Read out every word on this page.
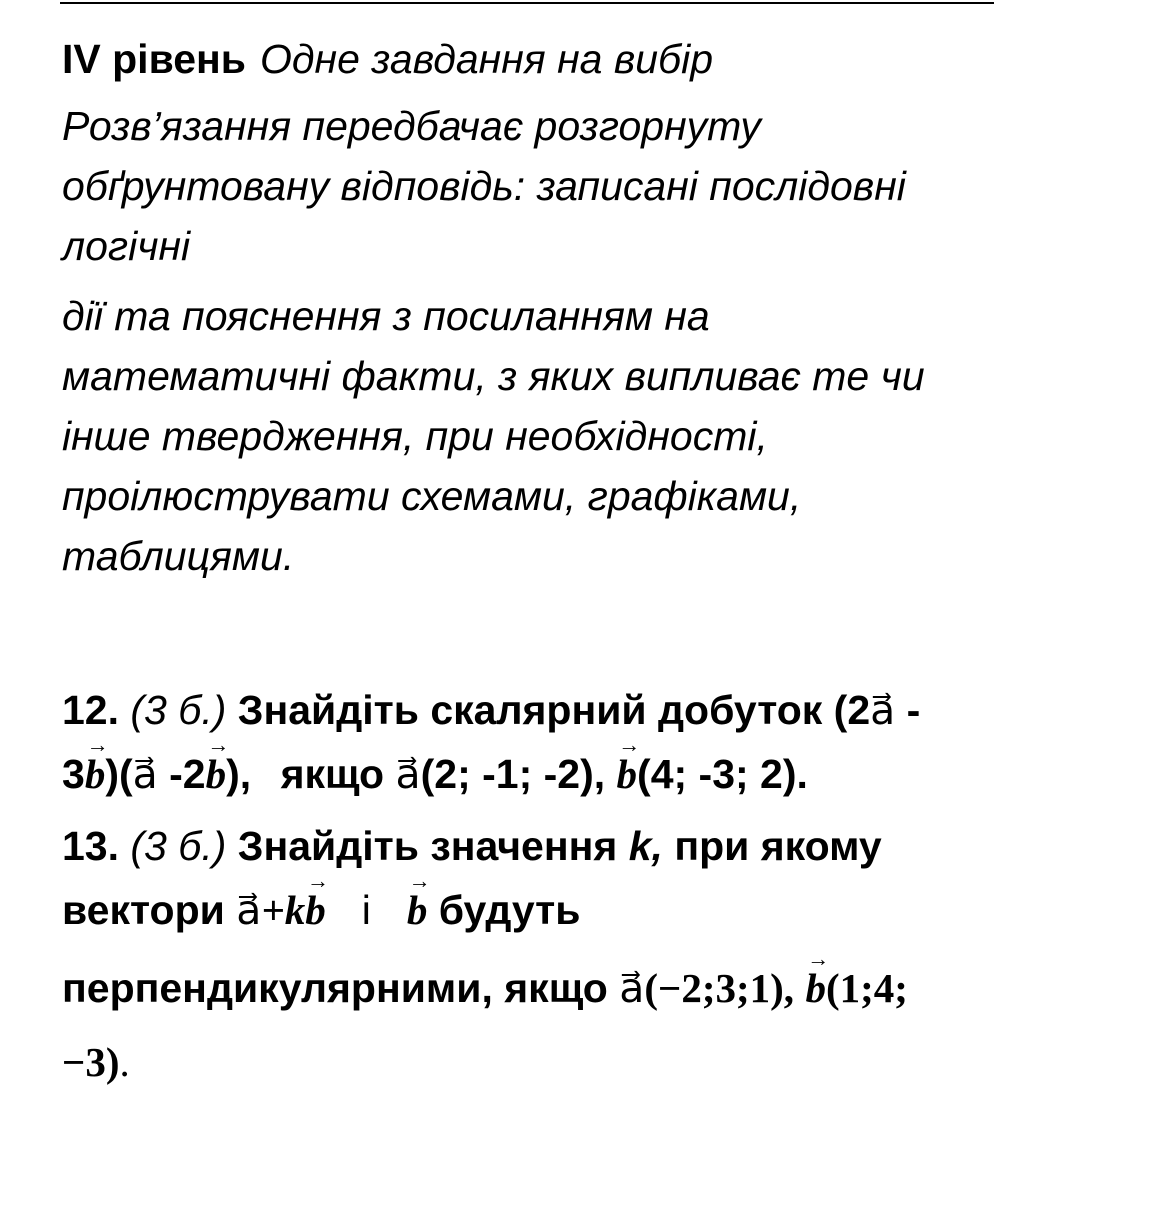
IV рівень Одне завдання на вибір

Розв’язання передбачає розгорнуту
обґрунтовану відповідь: записані послідовні
логічні

дії та пояснення з посиланням на
математичні факти, з яких випливає те чи
інше твердження, при необхідності,
проілюструвати схемами, графіками,
таблицями.

12. (3 б.) Знайдіть скалярний добуток (2a⃗ -
3
→
b)(a⃗ -2
→
b), якщо a⃗(2; -1; -2),
→
b(4; -3; 2).

13. (3 б.) Знайдіть значення k, при якому
вектори a⃗+k
→
b і
→
b будуть
перпендикулярними, якщо a⃗(−2;3;1),
→
b(1;4;
−3).
